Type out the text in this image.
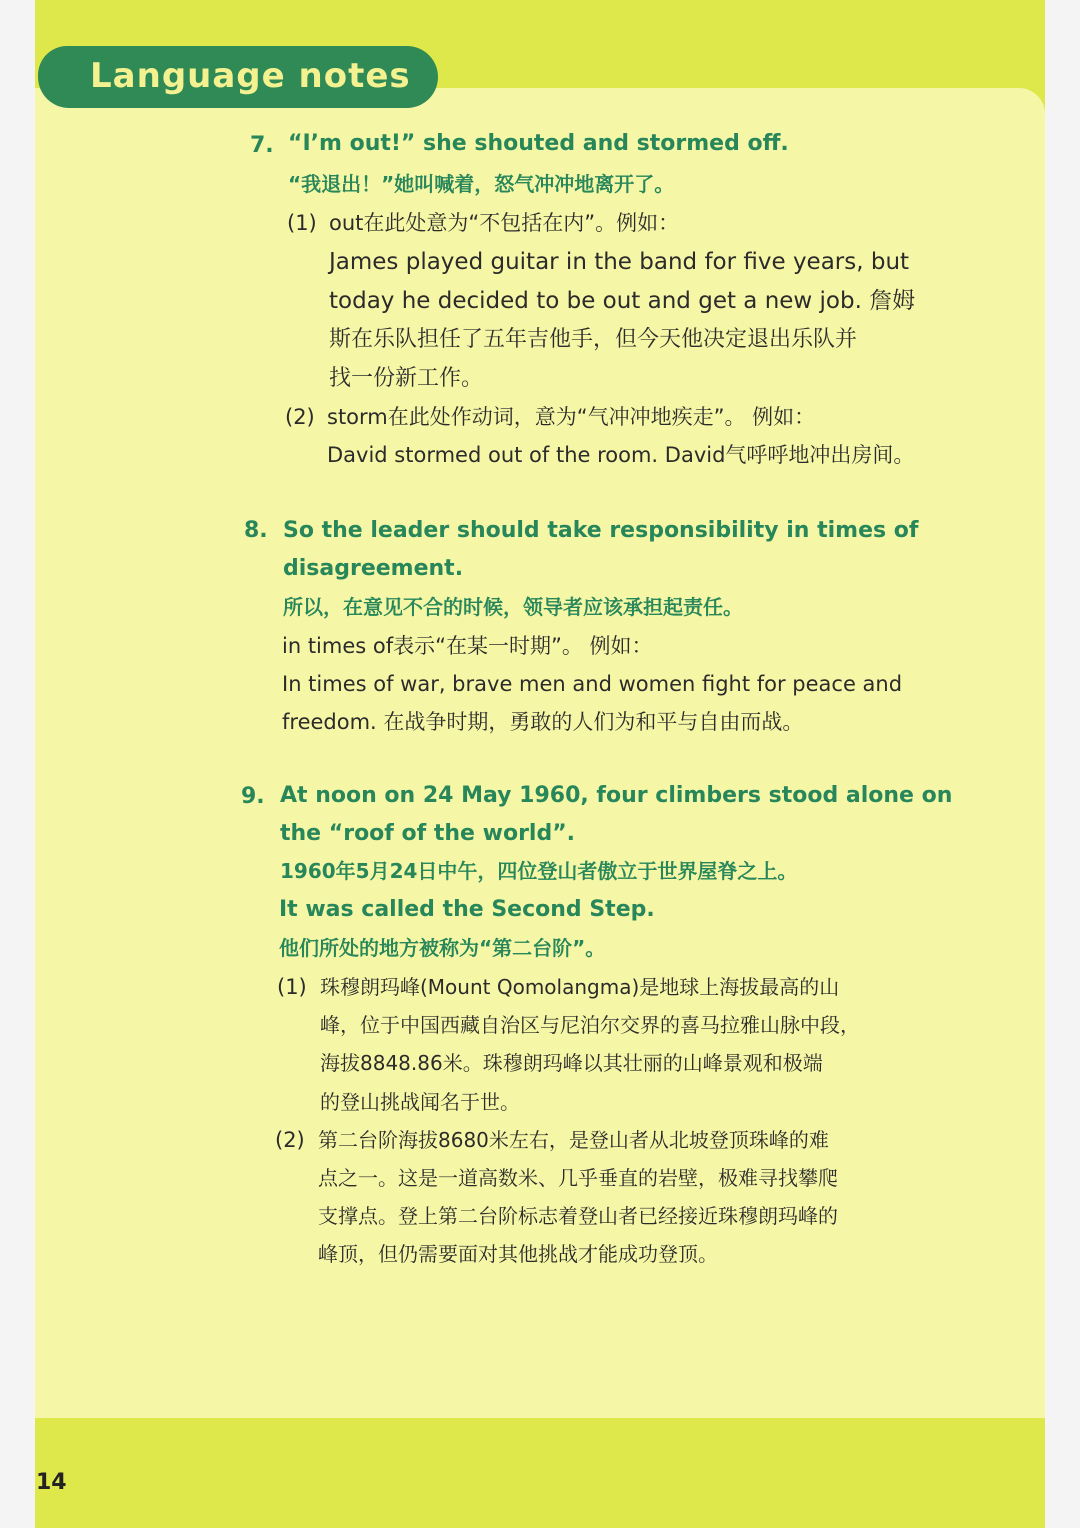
Language notes
7. “I’m out!” she shouted and stormed off.
“我退出！”她叫喊着，怒气冲冲地离开了。
(1) out在此处意为“不包括在内”。例如：
James played guitar in the band for five years, but
today he decided to be out and get a new job. 詹姆
斯在乐队担任了五年吉他手，但今天他决定退出乐队并
找一份新工作。
(2) storm在此处作动词，意为“气冲冲地疾走”。 例如：
David stormed out of the room. David气呼呼地冲出房间。
8. So the leader should take responsibility in times of
disagreement.
所以，在意见不合的时候，领导者应该承担起责任。
in times of表示“在某一时期”。 例如：
In times of war, brave men and women fight for peace and
freedom. 在战争时期，勇敢的人们为和平与自由而战。
9. At noon on 24 May 1960, four climbers stood alone on
the “roof of the world”.
1960年5月24日中午，四位登山者傲立于世界屋脊之上。
It was called the Second Step.
他们所处的地方被称为“第二台阶”。
(1) 珠穆朗玛峰(Mount Qomolangma)是地球上海拔最高的山
峰，位于中国西藏自治区与尼泊尔交界的喜马拉雅山脉中段，
海拔8848.86米。珠穆朗玛峰以其壮丽的山峰景观和极端
的登山挑战闻名于世。
(2) 第二台阶海拔8680米左右，是登山者从北坡登顶珠峰的难
点之一。这是一道高数米、几乎垂直的岩壁，极难寻找攀爬
支撑点。登上第二台阶标志着登山者已经接近珠穆朗玛峰的
峰顶，但仍需要面对其他挑战才能成功登顶。
14
